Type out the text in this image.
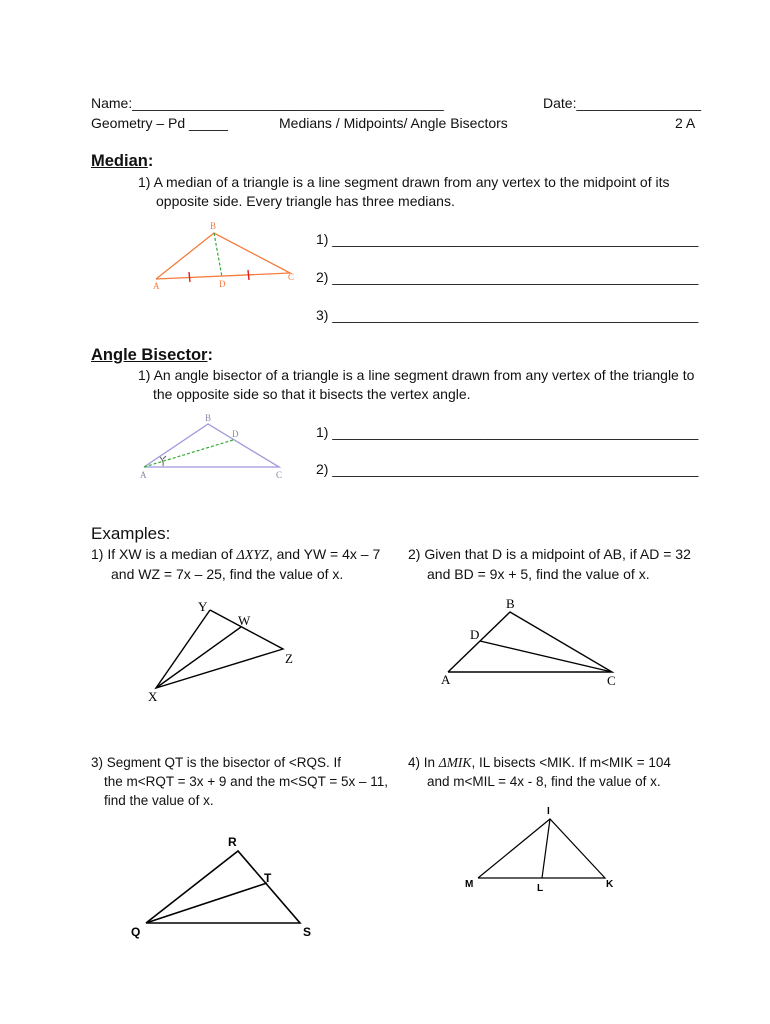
Name:________________________________________	Date:________________
Geometry – Pd _____	Medians / Midpoints/ Angle Bisectors	2 A
Median:
1) A median of a triangle is a line segment drawn from any vertex to the midpoint of its
opposite side. Every triangle has three medians.
A
B
C
D
1) _______________________________________________
2) _______________________________________________
3) _______________________________________________
Angle Bisector:
1) An angle bisector of a triangle is a line segment drawn from any vertex of the triangle to
the opposite side so that it bisects the vertex angle.
A
B
C
D	1) _______________________________________________
2) _______________________________________________
Examples:
1) If XW is a median of ΔXYZ, and YW = 4x – 7
and WZ = 7x – 25, find the value of x.
Y
W
Z
X
2) Given that D is a midpoint of AB, if AD = 32
and BD = 9x + 5, find the value of x.
B
D
A	C
3) Segment QT is the bisector of <RQS. If
the m<RQT = 3x + 9 and the m<SQT = 5x – 11,
find the value of x.
R
T
Q	S
4) In ΔMIK, IL bisects <MIK. If m<MIK = 104
and m<MIL = 4x - 8, find the value of x.
I
M	L	K
